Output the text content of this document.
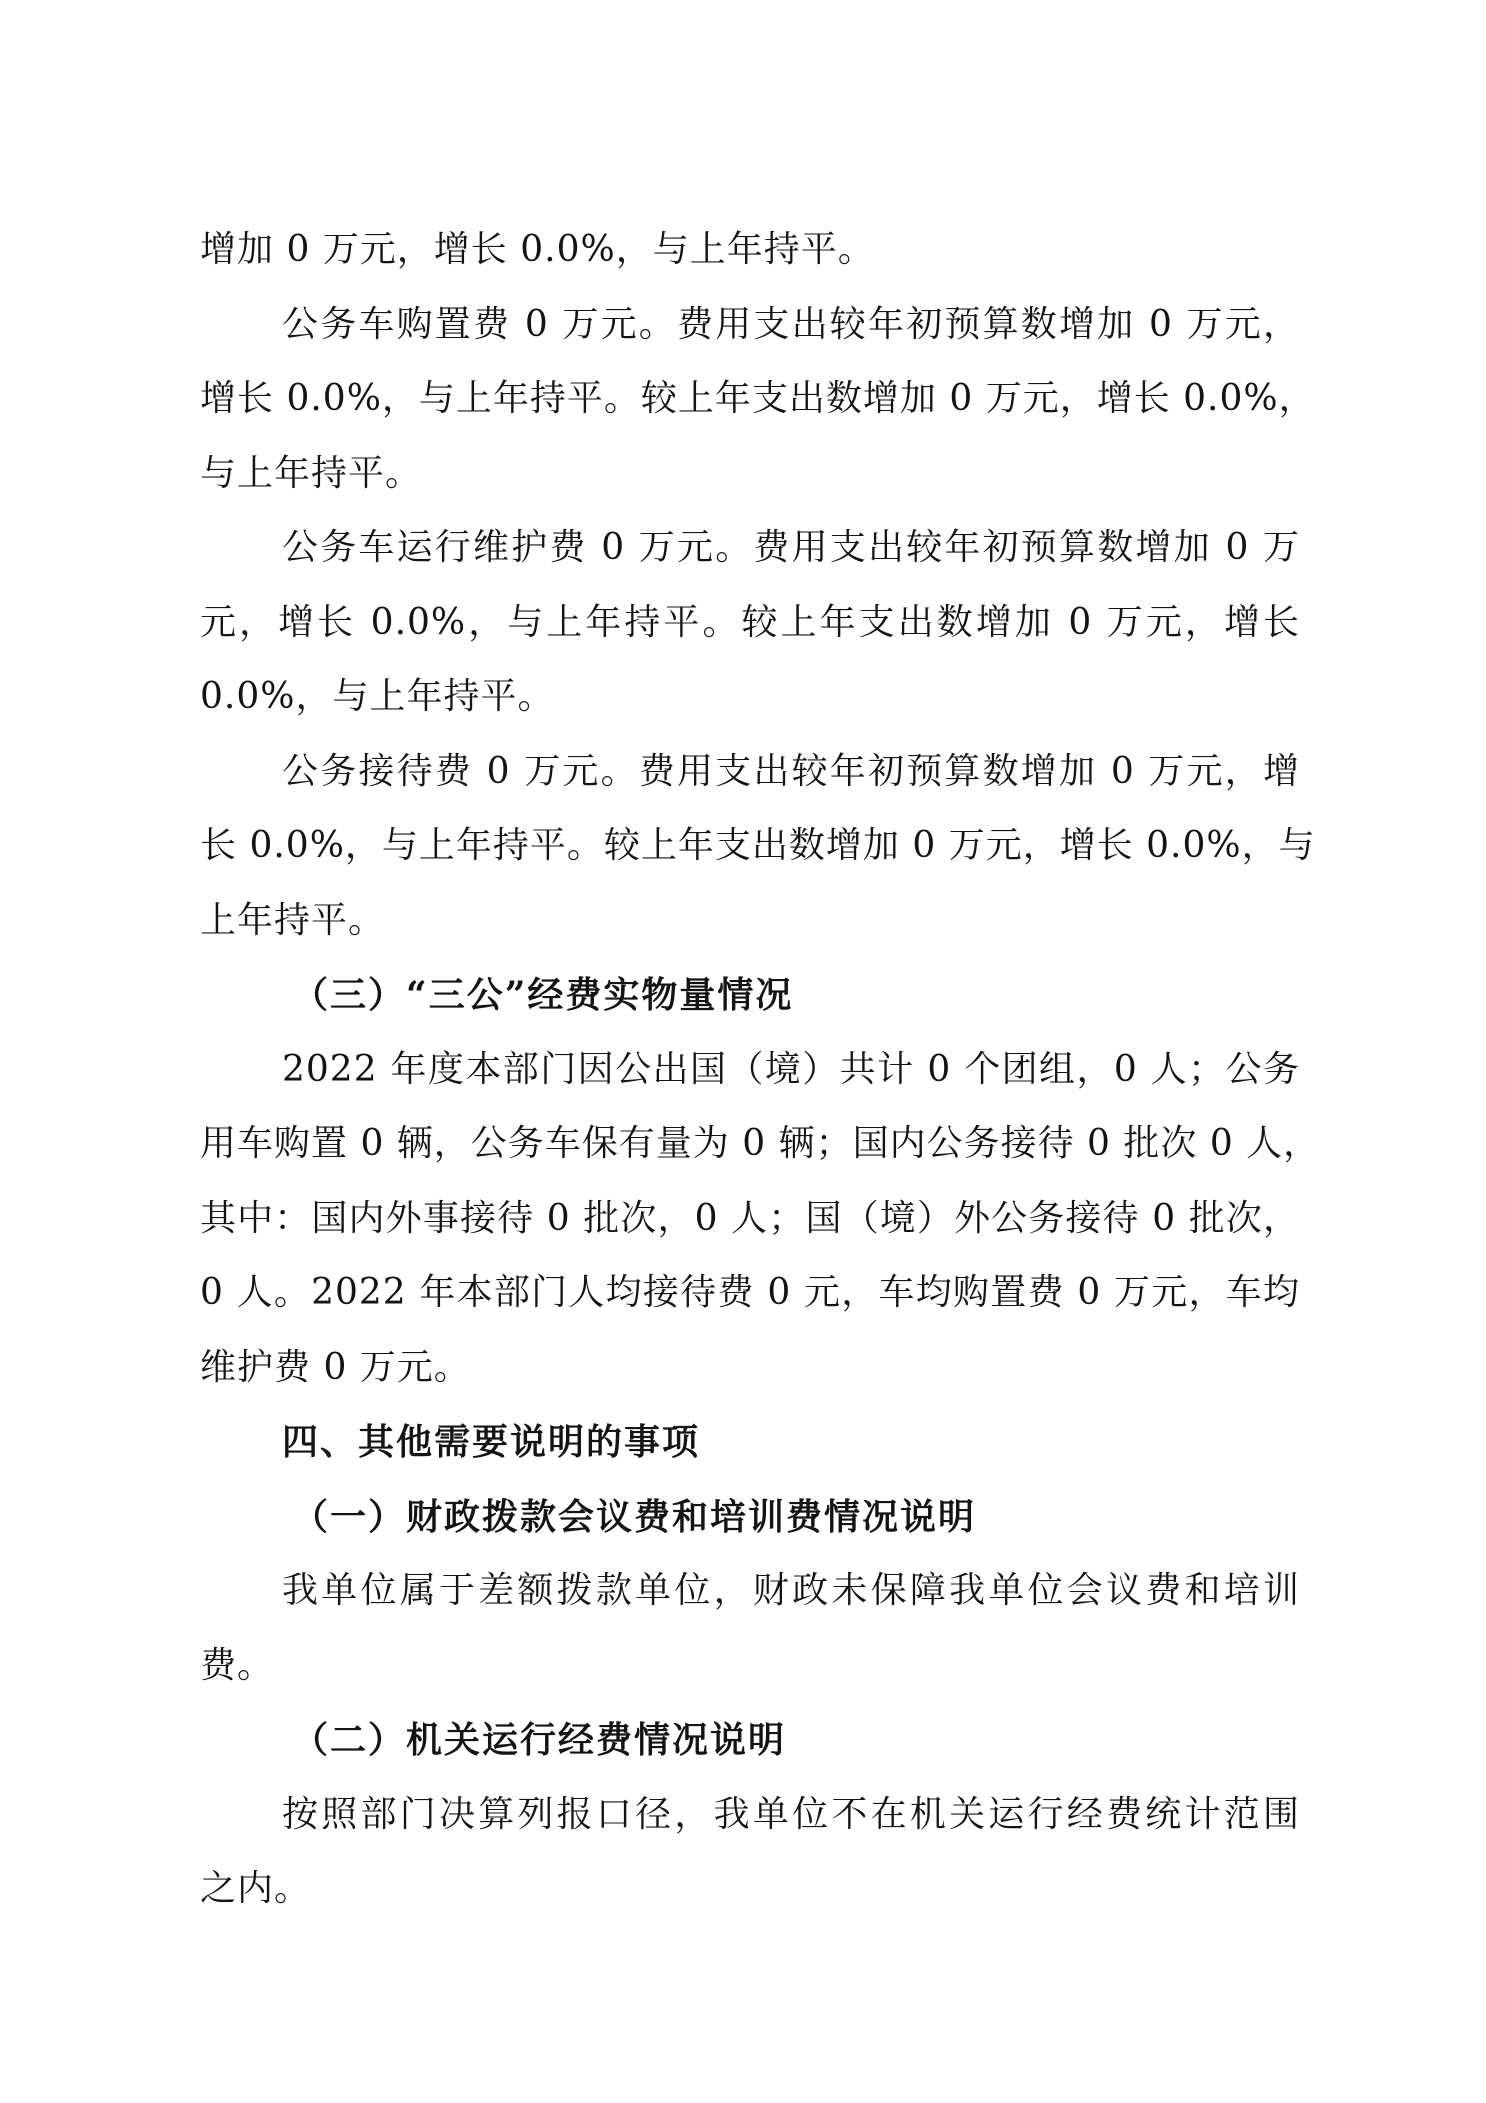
增加 0 万元，增长 0.0%，与上年持平。
公务车购置费 0 万元。费用支出较年初预算数增加 0 万元，
增长 0.0%，与上年持平。较上年支出数增加 0 万元，增长 0.0%，
与上年持平。
公务车运行维护费 0 万元。费用支出较年初预算数增加 0 万
元，增长 0.0%，与上年持平。较上年支出数增加 0 万元，增长
0.0%，与上年持平。
公务接待费 0 万元。费用支出较年初预算数增加 0 万元，增
长 0.0%，与上年持平。较上年支出数增加 0 万元，增长 0.0%，与
上年持平。
（三）“三公”经费实物量情况
2022 年度本部门因公出国（境）共计 0 个团组，0 人；公务
用车购置 0 辆，公务车保有量为 0 辆；国内公务接待 0 批次 0 人，
其中：国内外事接待 0 批次，0 人；国（境）外公务接待 0 批次，
0 人。2022 年本部门人均接待费 0 元，车均购置费 0 万元，车均
维护费 0 万元。
四、其他需要说明的事项
（一）财政拨款会议费和培训费情况说明
我单位属于差额拨款单位，财政未保障我单位会议费和培训
费。
（二）机关运行经费情况说明
按照部门决算列报口径，我单位不在机关运行经费统计范围
之内。
